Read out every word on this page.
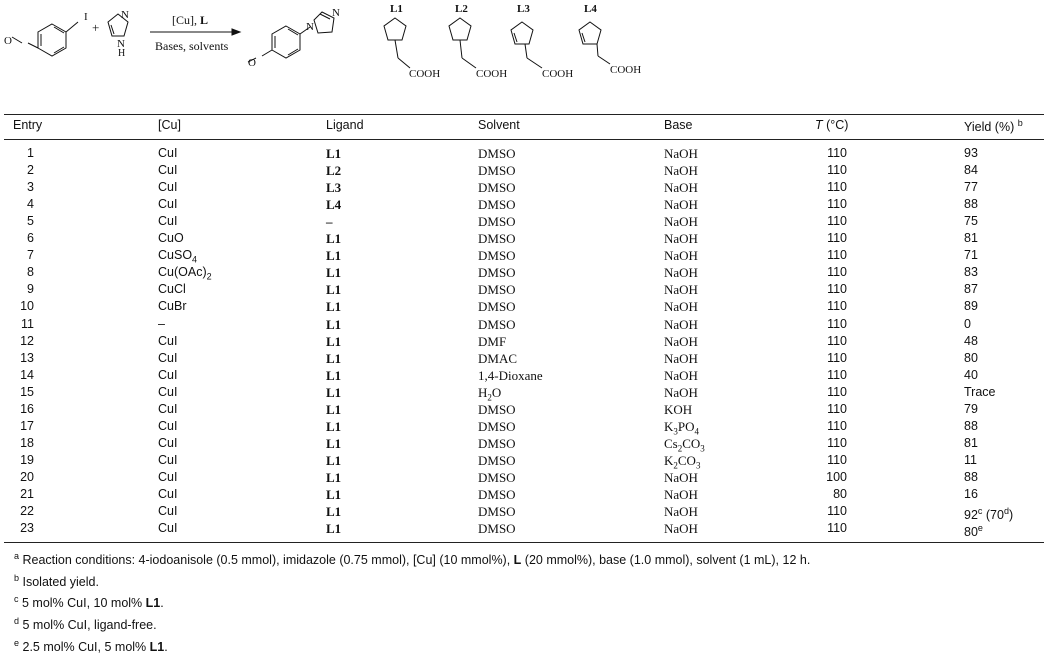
I
O
+
N
N
H
[Cu], L
Bases, solvents
N
N
O
L1	L2	L3	L4
COOH	COOH	COOH	COOH
Entry	[Cu]	Ligand	Solvent	Base	T (°C)	Yield (%) $^b$
1	CuI	L1	DMSO	NaOH	110	93
2	CuI	L2	DMSO	NaOH	110	84
3	CuI	L3	DMSO	NaOH	110	77
4	CuI	L4	DMSO	NaOH	110	88
5	CuI	–	DMSO	NaOH	110	75
6	CuO	L1	DMSO	NaOH	110	81
7	CuSO$_4$	L1	DMSO	NaOH	110	71
8	$Cu(OAc)_2$	L1	DMSO	NaOH	110	83
9	CuCl	L1	DMSO	NaOH	110	87
10	CuBr	L1	DMSO	NaOH	110	89
11	–	L1	DMSO	NaOH	110	0
12	CuI	L1	DMF	NaOH	110	48
13	CuI	L1	DMAC	NaOH	110	80
14	CuI	L1	1,4-Dioxane	NaOH	110	40
15	CuI	L1	$H_2O$	NaOH	110	Trace
16	CuI	L1	DMSO	KOH	110	79
17	CuI	L1	DMSO	$K_3PO_4$	110	88
18	CuI	L1	DMSO	$Cs_2CO_3$	110	81
19	CuI	L1	DMSO	$K_2CO_3$	110	11
20	CuI	L1	DMSO	NaOH	100	88
21	CuI	L1	DMSO	NaOH	80	16
22	CuI	L1	DMSO	NaOH	110	92$^c$ (70$^d$)
23	CuI	L1	DMSO	NaOH	110	80e
$^a$ Reaction conditions: 4-iodoanisole (0.5 mmol), imidazole (0.75 mmol), [Cu] (10 mmol%), L (20 mmol%), base (1.0 mmol), solvent (1 mL), 12 h.
$^b$ Isolated yield.
$^c$ 5 mol% CuI, 10 mol% L1.
$^d$ 5 mol% CuI, ligand-free.
$^e$ 2.5 mol% CuI, 5 mol% L1.
